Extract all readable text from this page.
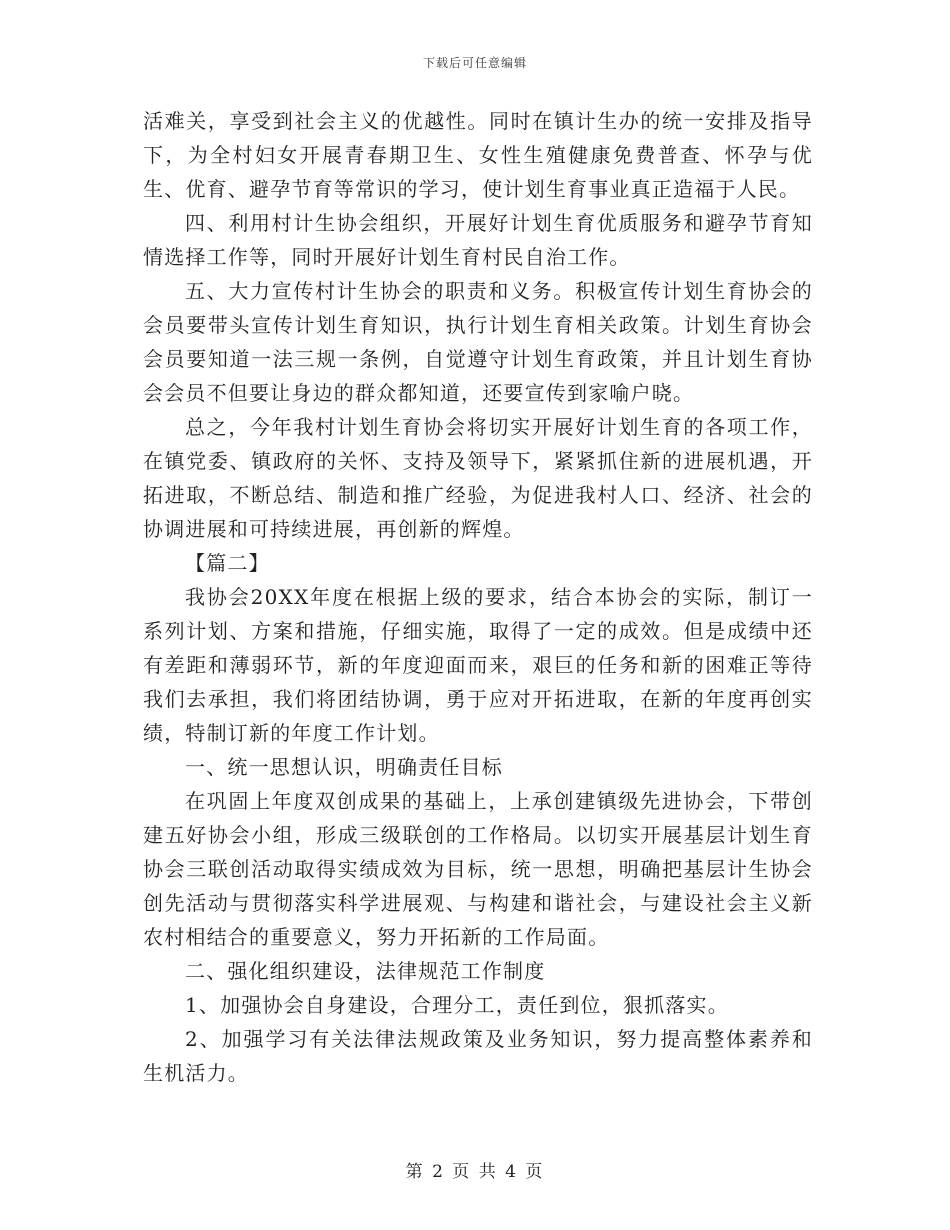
下载后可任意编辑

活难关，享受到社会主义的优越性。同时在镇计生办的统一安排及指导下，为全村妇女开展青春期卫生、女性生殖健康免费普查、怀孕与优生、优育、避孕节育等常识的学习，使计划生育事业真正造福于人民。

四、利用村计生协会组织，开展好计划生育优质服务和避孕节育知情选择工作等，同时开展好计划生育村民自治工作。

五、大力宣传村计生协会的职责和义务。积极宣传计划生育协会的会员要带头宣传计划生育知识，执行计划生育相关政策。计划生育协会会员要知道一法三规一条例，自觉遵守计划生育政策，并且计划生育协会会员不但要让身边的群众都知道，还要宣传到家喻户晓。

总之，今年我村计划生育协会将切实开展好计划生育的各项工作，在镇党委、镇政府的关怀、支持及领导下，紧紧抓住新的进展机遇，开拓进取，不断总结、制造和推广经验，为促进我村人口、经济、社会的协调进展和可持续进展，再创新的辉煌。

【篇二】

我协会20XX年度在根据上级的要求，结合本协会的实际，制订一系列计划、方案和措施，仔细实施，取得了一定的成效。但是成绩中还有差距和薄弱环节，新的年度迎面而来，艰巨的任务和新的困难正等待我们去承担，我们将团结协调，勇于应对开拓进取，在新的年度再创实绩，特制订新的年度工作计划。

一、统一思想认识，明确责任目标

在巩固上年度双创成果的基础上，上承创建镇级先进协会，下带创建五好协会小组，形成三级联创的工作格局。以切实开展基层计划生育协会三联创活动取得实绩成效为目标，统一思想，明确把基层计生协会创先活动与贯彻落实科学进展观、与构建和谐社会，与建设社会主义新农村相结合的重要意义，努力开拓新的工作局面。

二、强化组织建设，法律规范工作制度

1、加强协会自身建设，合理分工，责任到位，狠抓落实。

2、加强学习有关法律法规政策及业务知识，努力提高整体素养和生机活力。

第 2 页 共 4 页
